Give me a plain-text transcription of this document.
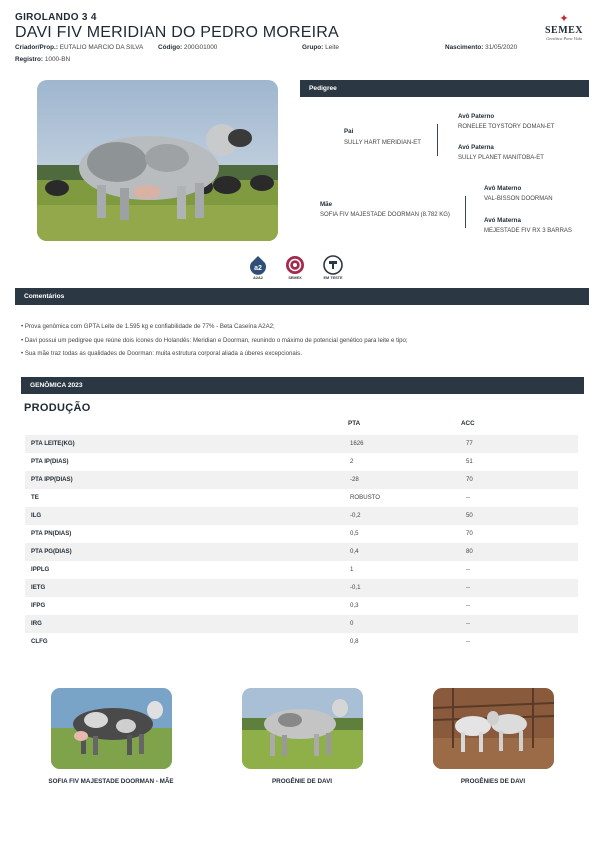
GIROLANDO 3 4
DAVI FIV MERIDIAN DO PEDRO MOREIRA
Criador/Prop.: EUTALIO MARCIO DA SILVA Código: 200G01000	Grupo: Leite	Nascimento: 31/05/2020
Registro: 1000-BN
✦
SEMEX
Genética Para Vida
Pedigree
Pai
SULLY HART MERIDIAN-ET
Avô Paterno
RONELEE TOYSTORY DOMAN-ET
Avó Paterna
SULLY PLANET MANITOBA-ET
Mãe
SOFIA FIV MAJESTADE DOORMAN (8.782 KG)
Avô Materno
VAL-BISSON DOORMAN
Avó Materna
MEJESTADE FIV RX 3 BARRAS
a2
A2A2	SEMEX	EM TESTE
Comentários
• Prova genômica com GPTA Leite de 1.595 kg e confiabilidade de 77% - Beta Caseína A2A2;
• Davi possui um pedigree que reúne dois ícones do Holandês: Meridian e Doorman, reunindo o máximo de potencial genético para leite e tipo;
• Sua mãe traz todas as qualidades de Doorman: muita estrutura corporal aliada a úberes excepcionais.
GENÔMICA 2023
PRODUÇÃO
PTA	ACC
PTA LEITE(KG)	1626	77
PTA IP(DIAS)	2	51
PTA IPP(DIAS)	-28	70
TE	ROBUSTO	--
ILG	-0,2	50
PTA PN(DIAS)	0,5	70
PTA PG(DIAS)	0,4	80
IPPLG	1	--
IETG	-0,1	--
IFPG	0,3	--
IRG	0	--
CLFG	0,8	--
SOFIA FIV MAJESTADE DOORMAN - MÃE	PROGÊNIE DE DAVI	PROGÊNIES DE DAVI
